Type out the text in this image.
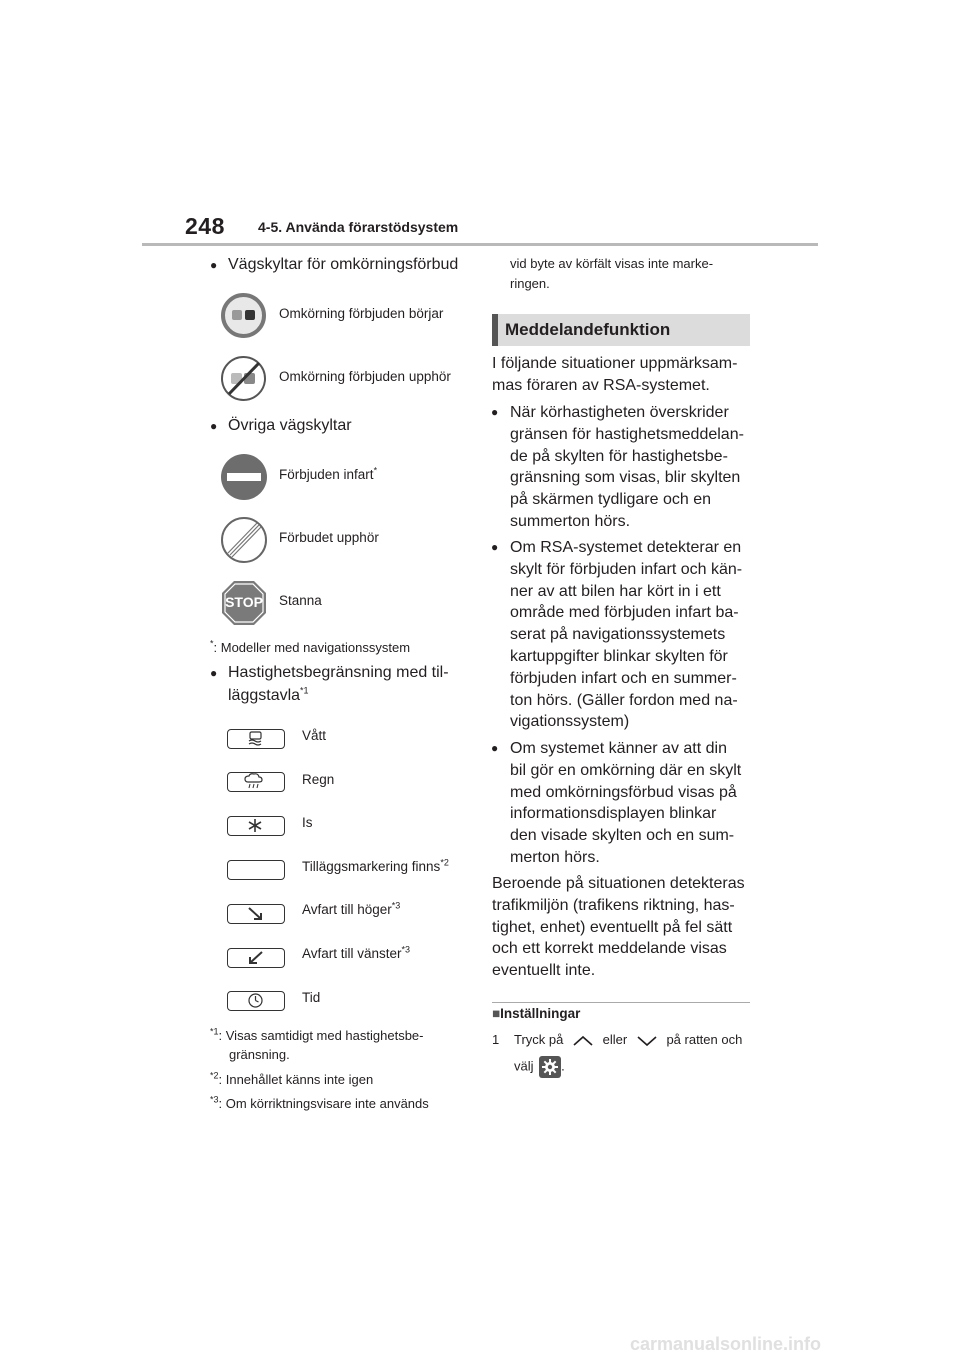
248 4-5. Använda förarstödsystem
● Vägskyltar för omkörningsförbud
Omkörning förbjuden börjar
Omkörning förbjuden upphör
● Övriga vägskyltar
Förbjuden infart*
Förbudet upphör
STOP	Stanna
*: Modeller med navigationssystem
● Hastighetsbegränsning med til-
läggstavla$^{*1}$
Vått
Regn
Is
Tilläggsmarkering finns$^{*2}$
Avfart till höger$^{*3}$
Avfart till vänster$^{*3}$
Tid
$^{*1}$: Visas samtidigt med hastighetsbe-
gränsning.
$^{*2}$: Innehållet känns inte igen
$^{*3}$: Om körriktningsvisare inte används
vid byte av körfält visas inte marke-
ringen.
Meddelandefunktion
I följande situationer uppmärksam-
mas föraren av RSA-systemet.
● När körhastigheten överskrider
gränsen för hastighetsmeddelan-
de på skylten för hastighetsbe-
gränsning som visas, blir skylten
på skärmen tydligare och en
summerton hörs.
● Om RSA-systemet detekterar en
skylt för förbjuden infart och kän-
ner av att bilen har kört in i ett
område med förbjuden infart ba-
serat på navigationssystemets
kartuppgifter blinkar skylten för
förbjuden infart och en summer-
ton hörs. (Gäller fordon med na-
vigationssystem)
● Om systemet känner av att din
bil gör en omkörning där en skylt
med omkörningsförbud visas på
informationsdisplayen blinkar
den visade skylten och en sum-
merton hörs.
Beroende på situationen detekteras
trafikmiljön (trafikens riktning, has-
tighet, enhet) eventuellt på fel sätt
och ett korrekt meddelande visas
eventuellt inte.
■Inställningar
1 Tryck på	eller	på ratten och
välj .
carmanualsonline.info
